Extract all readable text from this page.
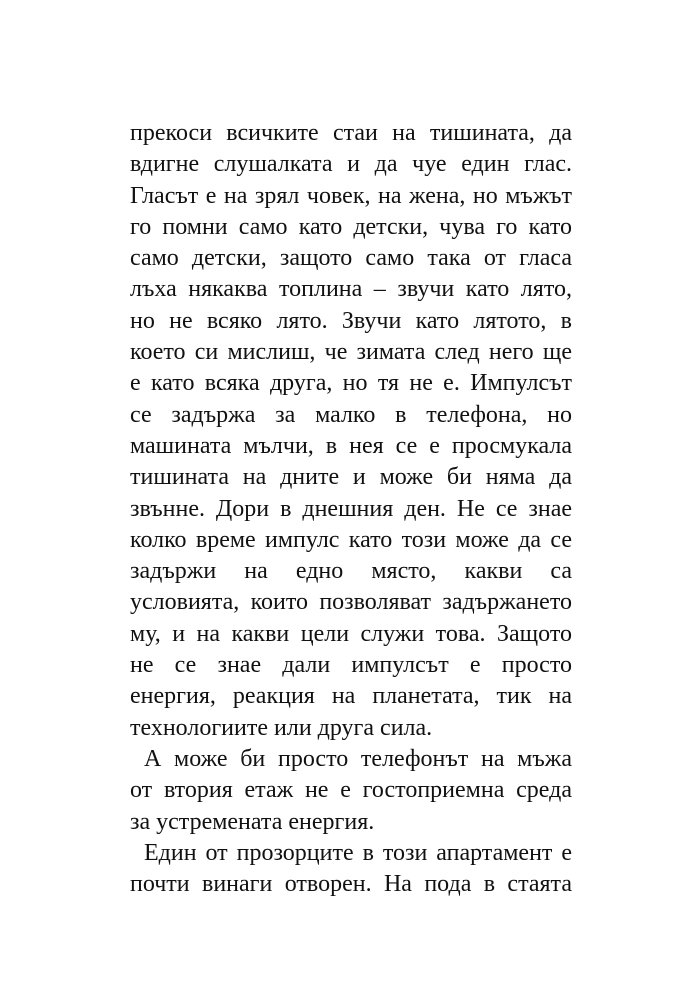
прекоси всичките стаи на тишината, да
вдигне слушалката и да чуе един глас.
Гласът е на зрял човек, на жена, но мъжът
го помни само като детски, чува го като
само детски, защото само така от гласа
лъха някаква топлина – звучи като лято,
но не всяко лято. Звучи като лятото, в
което си мислиш, че зимата след него ще
е като всяка друга, но тя не е. Импулсът
се задържа за малко в телефона, но
машината мълчи, в нея се е просмукала
тишината на дните и може би няма да
звънне. Дори в днешния ден. Не се знае
колко време импулс като този може да се
задържи на едно място, какви са
условията, които позволяват задържането
му, и на какви цели служи това. Защото
не се знае дали импулсът е просто
енергия, реакция на планетата, тик на
технологиите или друга сила.
А може би просто телефонът на мъжа
от втория етаж не е гостоприемна среда
за устремената енергия.
Един от прозорците в този апартамент е
почти винаги отворен. На пода в стаята
